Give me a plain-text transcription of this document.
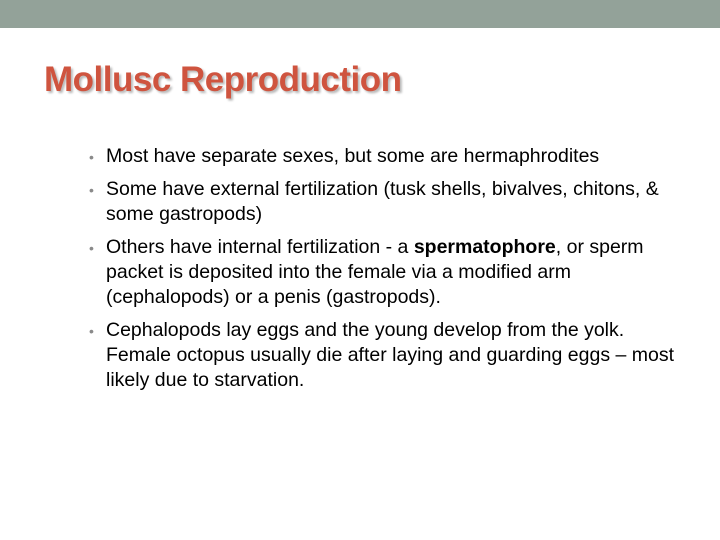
Mollusc Reproduction
• Most have separate sexes, but some are hermaphrodites
• Some have external fertilization (tusk shells, bivalves, chitons, & some gastropods)
• Others have internal fertilization - a spermatophore, or sperm packet is deposited into the female via a modified arm (cephalopods) or a penis (gastropods).
• Cephalopods lay eggs and the young develop from the yolk. Female octopus usually die after laying and guarding eggs – most likely due to starvation.
